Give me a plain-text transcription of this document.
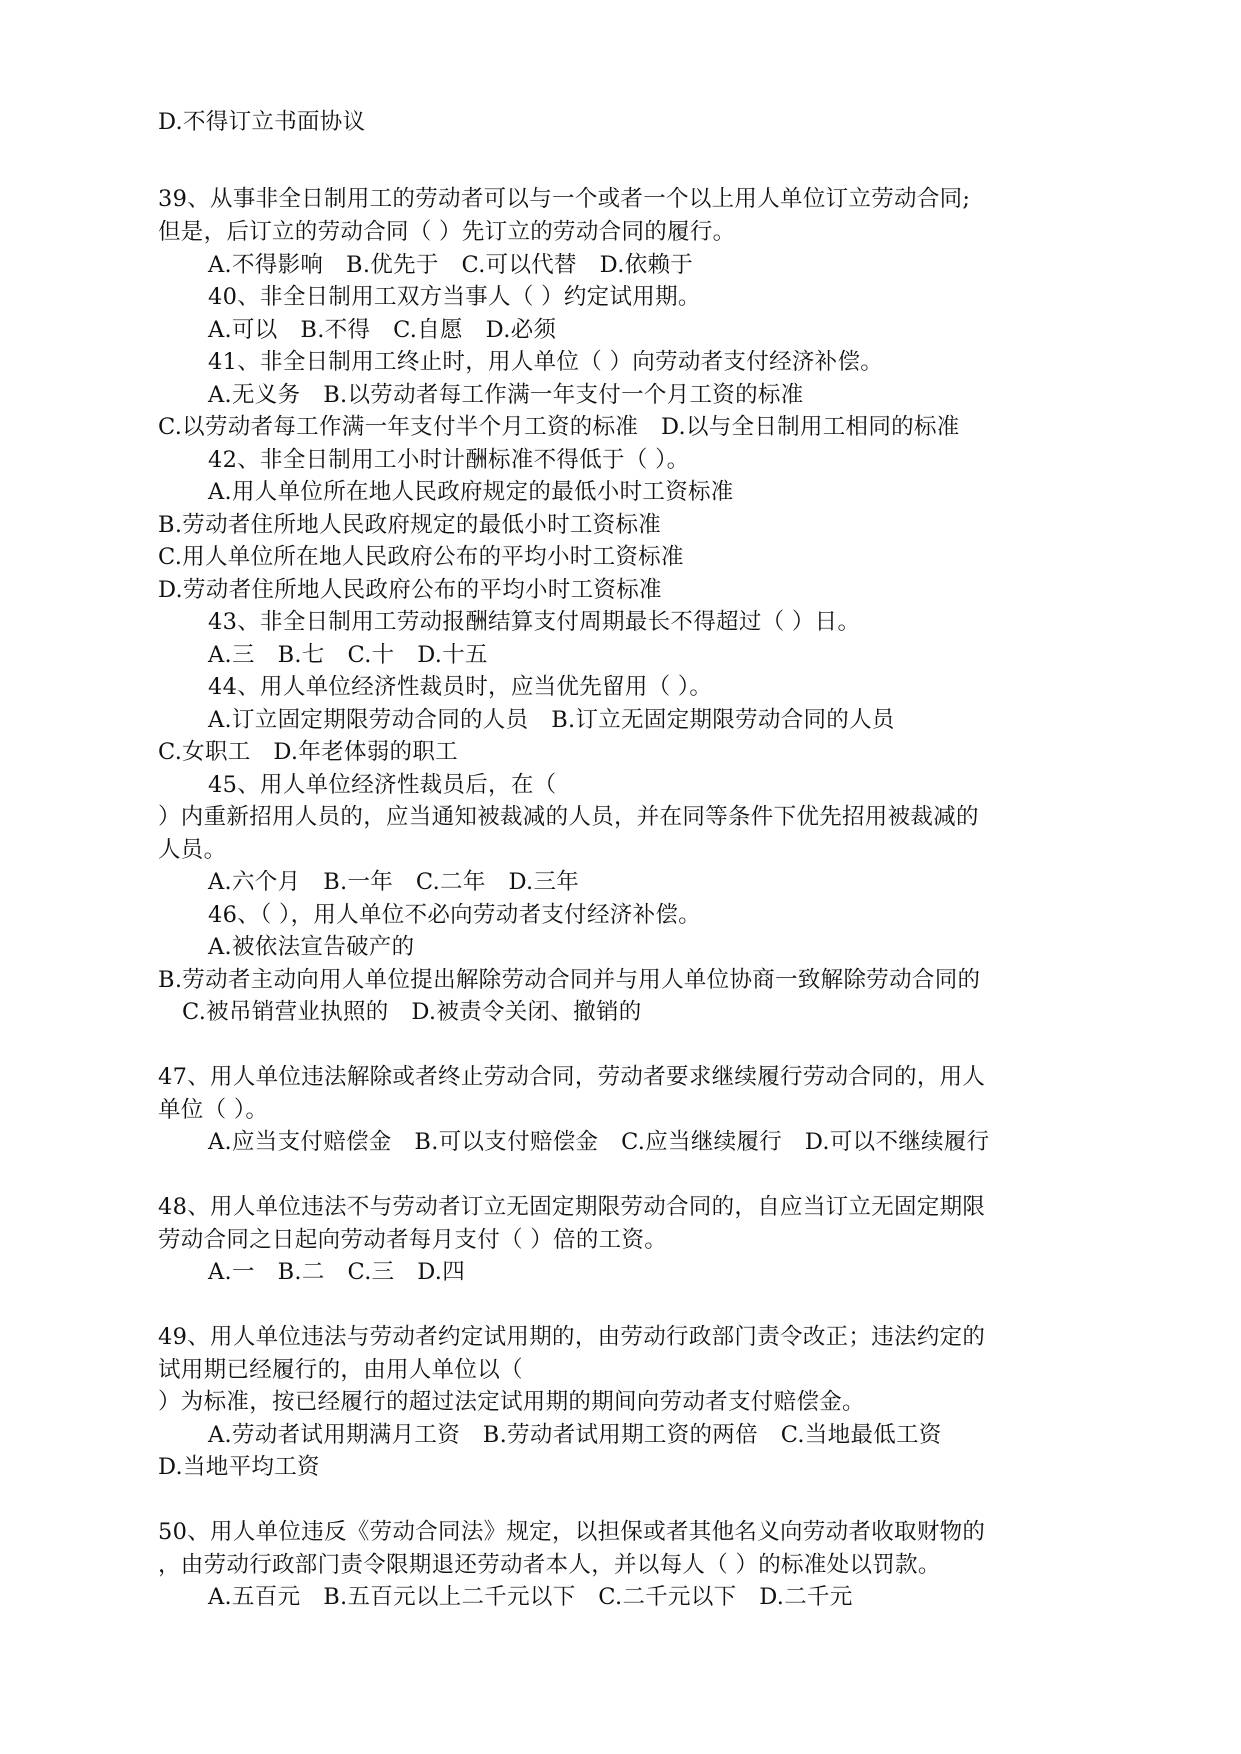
D.不得订立书面协议
39、从事非全日制用工的劳动者可以与一个或者一个以上用人单位订立劳动合同;
但是，后订立的劳动合同（ ）先订立的劳动合同的履行。
A.不得影响　B.优先于　C.可以代替　D.依赖于
40、非全日制用工双方当事人（ ）约定试用期。
A.可以　B.不得　C.自愿　D.必须
41、非全日制用工终止时，用人单位（ ）向劳动者支付经济补偿。
A.无义务　B.以劳动者每工作满一年支付一个月工资的标准
C.以劳动者每工作满一年支付半个月工资的标准　D.以与全日制用工相同的标准
42、非全日制用工小时计酬标准不得低于（ ）。
A.用人单位所在地人民政府规定的最低小时工资标准
B.劳动者住所地人民政府规定的最低小时工资标准
C.用人单位所在地人民政府公布的平均小时工资标准
D.劳动者住所地人民政府公布的平均小时工资标准
43、非全日制用工劳动报酬结算支付周期最长不得超过（ ）日。
A.三　B.七　C.十　D.十五
44、用人单位经济性裁员时，应当优先留用（ ）。
A.订立固定期限劳动合同的人员　B.订立无固定期限劳动合同的人员
C.女职工　D.年老体弱的职工
45、用人单位经济性裁员后，在（
）内重新招用人员的，应当通知被裁减的人员，并在同等条件下优先招用被裁减的
人员。
A.六个月　B.一年　C.二年　D.三年
46、（ ），用人单位不必向劳动者支付经济补偿。
A.被依法宣告破产的
B.劳动者主动向用人单位提出解除劳动合同并与用人单位协商一致解除劳动合同的
C.被吊销营业执照的　D.被责令关闭、撤销的
47、用人单位违法解除或者终止劳动合同，劳动者要求继续履行劳动合同的，用人
单位（ ）。
A.应当支付赔偿金　B.可以支付赔偿金　C.应当继续履行　D.可以不继续履行
48、用人单位违法不与劳动者订立无固定期限劳动合同的，自应当订立无固定期限
劳动合同之日起向劳动者每月支付（ ）倍的工资。
A.一　B.二　C.三　D.四
49、用人单位违法与劳动者约定试用期的，由劳动行政部门责令改正；违法约定的
试用期已经履行的，由用人单位以（
）为标准，按已经履行的超过法定试用期的期间向劳动者支付赔偿金。
A.劳动者试用期满月工资　B.劳动者试用期工资的两倍　C.当地最低工资
D.当地平均工资
50、用人单位违反《劳动合同法》规定，以担保或者其他名义向劳动者收取财物的
，由劳动行政部门责令限期退还劳动者本人，并以每人（ ）的标准处以罚款。
A.五百元　B.五百元以上二千元以下　C.二千元以下　D.二千元
